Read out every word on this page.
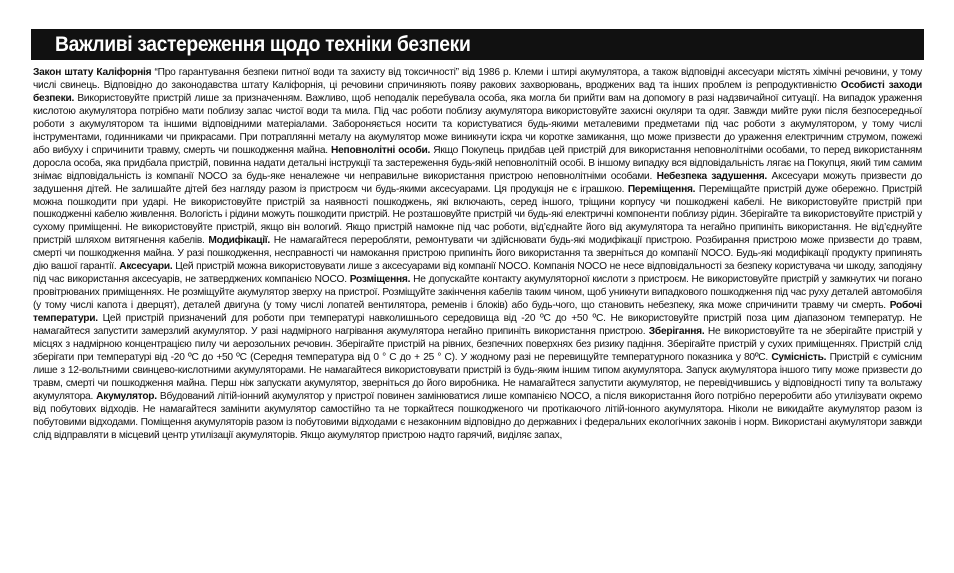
Важливі застереження щодо техніки безпеки
Закон штату Каліфорнія “Про гарантування безпеки питної води та захисту від токсичності” від 1986 р. Клеми і штирі акумулятора, а також відповідні аксесуари містять хімічні речовини, у тому числі свинець. Відповідно до законодавства штату Каліфорнія, ці речовини спричиняють появу ракових захворювань, вроджених вад та інших проблем із репродуктивністю Особисті заходи безпеки. Використовуйте пристрій лише за призначенням. Важливо, щоб неподалік перебувала особа, яка могла би прийти вам на допомогу в разі надзвичайної ситуації. На випадок ураження кислотою акумулятора потрібно мати поблизу запас чистої води та мила. Під час роботи поблизу акумулятора використовуйте захисні окуляри та одяг. Завжди мийте руки після безпосередньої роботи з акумулятором та іншими відповідними матеріалами. Забороняється носити та користуватися будь-якими металевими предметами під час роботи з акумулятором, у тому числі інструментами, годинниками чи прикрасами. При потраплянні металу на акумулятор може виникнути іскра чи коротке замикання, що може призвести до ураження електричним струмом, пожежі або вибуху і спричинити травму, смерть чи пошкодження майна. Неповнолітні особи. Якщо Покупець придбав цей пристрій для використання неповнолітніми особами, то перед використанням доросла особа, яка придбала пристрій, повинна надати детальні інструкції та застереження будь-якій неповнолітній особі. В іншому випадку вся відповідальність лягає на Покупця, який тим самим знімає відповідальність із компанії NOCO за будь-яке неналежне чи неправильне використання пристрою неповнолітніми особами. Небезпека задушення. Аксесуари можуть призвести до задушення дітей. Не залишайте дітей без нагляду разом із пристроєм чи будь-якими аксесуарами. Ця продукція не є іграшкою. Переміщення. Переміщайте пристрій дуже обережно. Пристрій можна пошкодити при ударі. Не використовуйте пристрій за наявності пошкоджень, які включають, серед іншого, тріщини корпусу чи пошкоджені кабелі. Не використовуйте пристрій при пошкодженні кабелю живлення. Вологість і рідини можуть пошкодити пристрій. Не розташовуйте пристрій чи будь-які електричні компоненти поблизу рідин. Зберігайте та використовуйте пристрій у сухому приміщенні. Не використовуйте пристрій, якщо він вологий. Якщо пристрій намокне під час роботи, від’єднайте його від акумулятора та негайно припиніть використання. Не від’єднуйте пристрій шляхом витягнення кабелів. Модифікації. Не намагайтеся переробляти, ремонтувати чи здійснювати будь-які модифікації пристрою. Розбирання пристрою може призвести до травм, смерті чи пошкодження майна. У разі пошкодження, несправності чи намокання пристрою припиніть його використання та зверніться до компанії NOCO. Будь-які модифікації продукту припинять дію вашої гарантії. Аксесуари. Цей пристрій можна використовувати лише з аксесуарами від компанії NOCO. Компанія NOCO не несе відповідальності за безпеку користувача чи шкоду, заподіяну під час використання аксесуарів, не затверджених компанією NOCO. Розміщення. Не допускайте контакту акумуляторної кислоти з пристроєм. Не використовуйте пристрій у замкнутих чи погано провітрюваних приміщеннях. Не розміщуйте акумулятор зверху на пристрої. Розміщуйте закінчення кабелів таким чином, щоб уникнути випадкового пошкодження під час руху деталей автомобіля (у тому числі капота і дверцят), деталей двигуна (у тому числі лопатей вентилятора, ременів і блоків) або будь-чого, що становить небезпеку, яка може спричинити травму чи смерть. Робочі температури. Цей пристрій призначений для роботи при температурі навколишнього середовища від -20 ºC до +50 ºC. Не використовуйте пристрій поза цим діапазоном температур. Не намагайтеся запустити замерзлий акумулятор. У разі надмірного нагрівання акумулятора негайно припиніть використання пристрою. Зберігання. Не використовуйте та не зберігайте пристрій у місцях з надмірною концентрацією пилу чи аерозольних речовин. Зберігайте пристрій на рівних, безпечних поверхнях без ризику падіння. Зберігайте пристрій у сухих приміщеннях. Пристрій слід зберігати при температурі від -20 ºC до +50 ºC (Середня температура від 0 ° C до + 25 ° C). У жодному разі не перевищуйте температурного показника у 80ºC. Сумісність. Пристрій є сумісним лише з 12-вольтними свинцево-кислотними акумуляторами. Не намагайтеся використовувати пристрій із будь-яким іншим типом акумулятора. Запуск акумулятора іншого типу може призвести до травм, смерті чи пошкодження майна. Перш ніж запускати акумулятор, зверніться до його виробника. Не намагайтеся запустити акумулятор, не перевідчившись у відповідності типу та вольтажу акумулятора. Акумулятор. Вбудований літій-іонний акумулятор у пристрої повинен замінюватися лише компанією NOCO, а після використання його потрібно переробити або утилізувати окремо від побутових відходів. Не намагайтеся замінити акумулятор самостійно та не торкайтеся пошкодженого чи протікаючого літій-іонного акумулятора. Ніколи не викидайте акумулятор разом із побутовими відходами. Поміщення акумуляторів разом із побутовими відходами є незаконним відповідно до державних і федеральних екологічних законів і норм. Використані акумулятори завжди слід відправляти в місцевий центр утилізації акумуляторів. Якщо акумулятор пристрою надто гарячий, виділяє запах,
